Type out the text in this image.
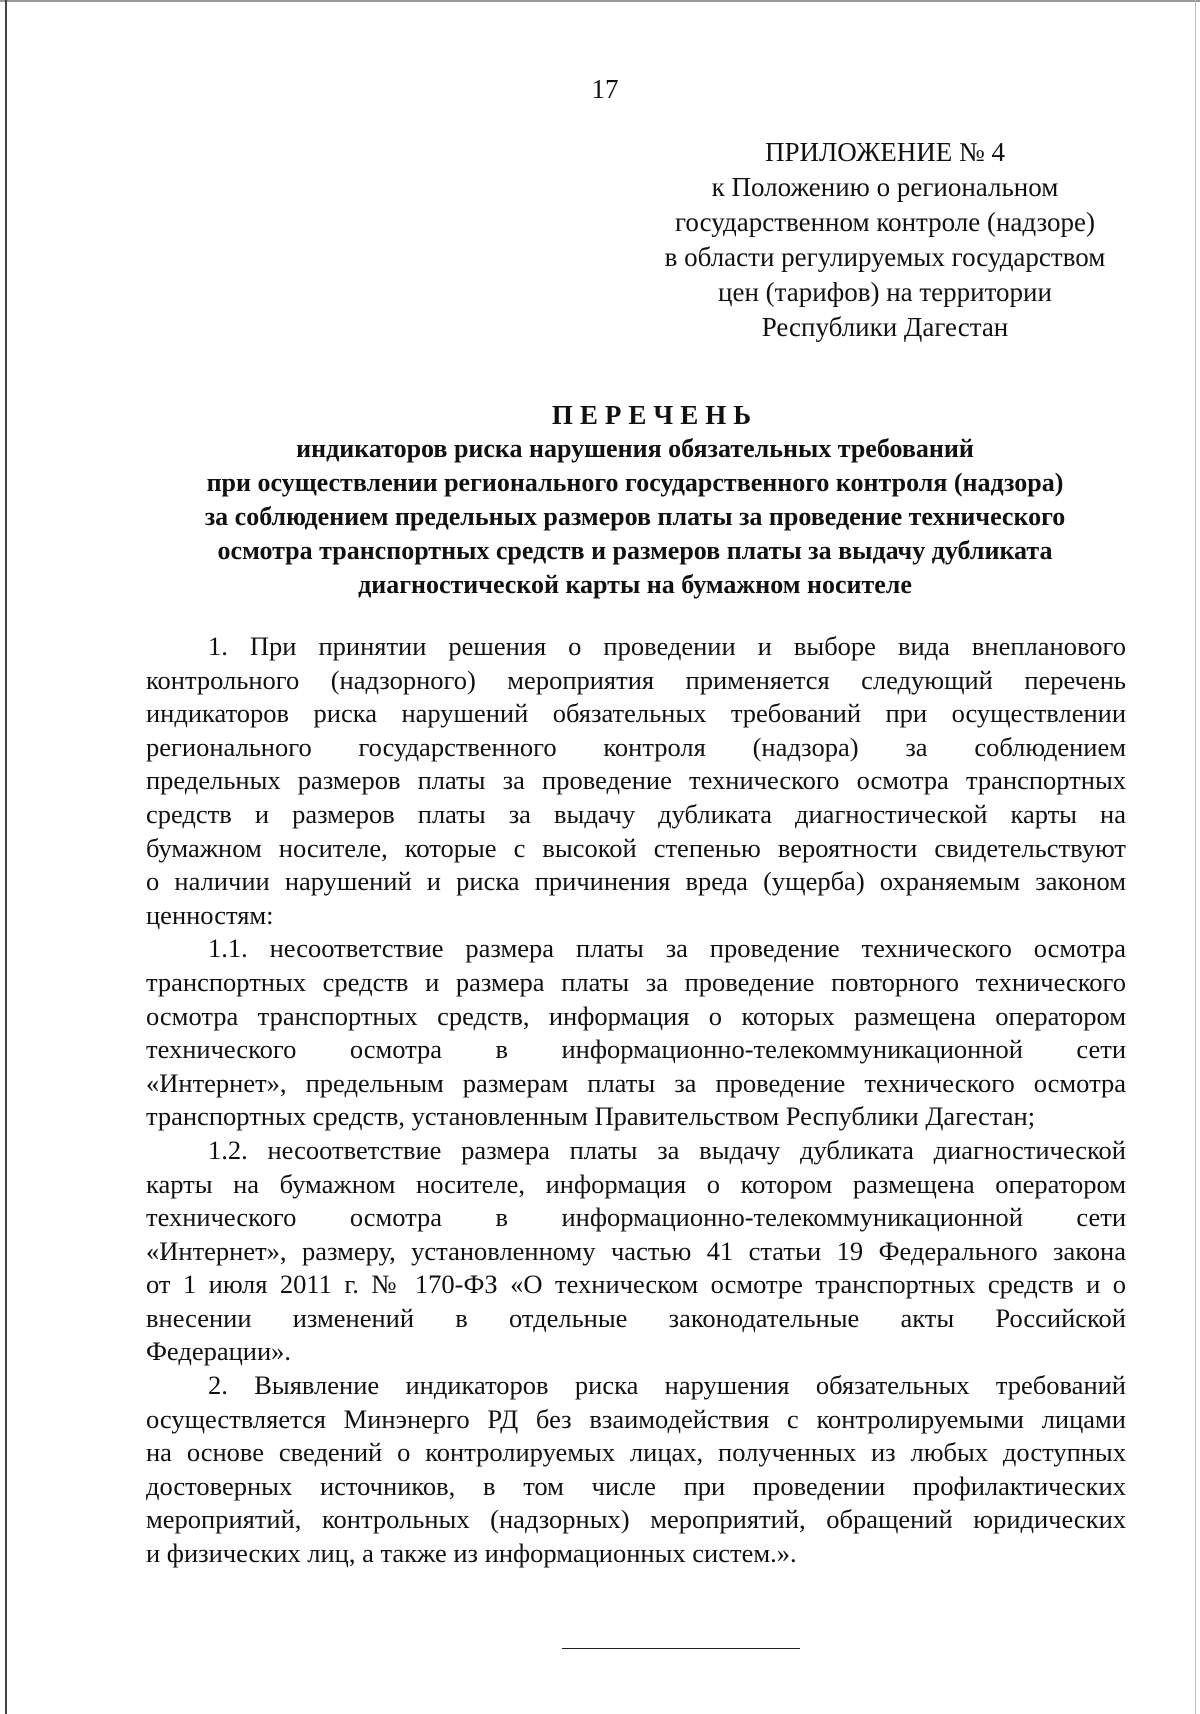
17
ПРИЛОЖЕНИЕ № 4
к Положению о региональном
государственном контроле (надзоре)
в области регулируемых государством
цен (тарифов) на территории
Республики Дагестан
ПЕРЕЧЕНЬ
индикаторов риска нарушения обязательных требований
при осуществлении регионального государственного контроля (надзора)
за соблюдением предельных размеров платы за проведение технического
осмотра транспортных средств и размеров платы за выдачу дубликата
диагностической карты на бумажном носителе
1. При принятии решения о проведении и выборе вида внепланового
контрольного (надзорного) мероприятия применяется следующий перечень
индикаторов риска нарушений обязательных требований при осуществлении
регионального государственного контроля (надзора) за соблюдением
предельных размеров платы за проведение технического осмотра транспортных
средств и размеров платы за выдачу дубликата диагностической карты на
бумажном носителе, которые с высокой степенью вероятности свидетельствуют
о наличии нарушений и риска причинения вреда (ущерба) охраняемым законом
ценностям:
1.1. несоответствие размера платы за проведение технического осмотра
транспортных средств и размера платы за проведение повторного технического
осмотра транспортных средств, информация о которых размещена оператором
технического осмотра в информационно-телекоммуникационной сети
«Интернет», предельным размерам платы за проведение технического осмотра
транспортных средств, установленным Правительством Республики Дагестан;
1.2. несоответствие размера платы за выдачу дубликата диагностической
карты на бумажном носителе, информация о котором размещена оператором
технического осмотра в информационно-телекоммуникационной сети
«Интернет», размеру, установленному частью 41 статьи 19 Федерального закона
от 1 июля 2011 г. № 170-ФЗ «О техническом осмотре транспортных средств и о
внесении изменений в отдельные законодательные акты Российской
Федерации».
2. Выявление индикаторов риска нарушения обязательных требований
осуществляется Минэнерго РД без взаимодействия с контролируемыми лицами
на основе сведений о контролируемых лицах, полученных из любых доступных
достоверных источников, в том числе при проведении профилактических
мероприятий, контрольных (надзорных) мероприятий, обращений юридических
и физических лиц, а также из информационных систем.».
